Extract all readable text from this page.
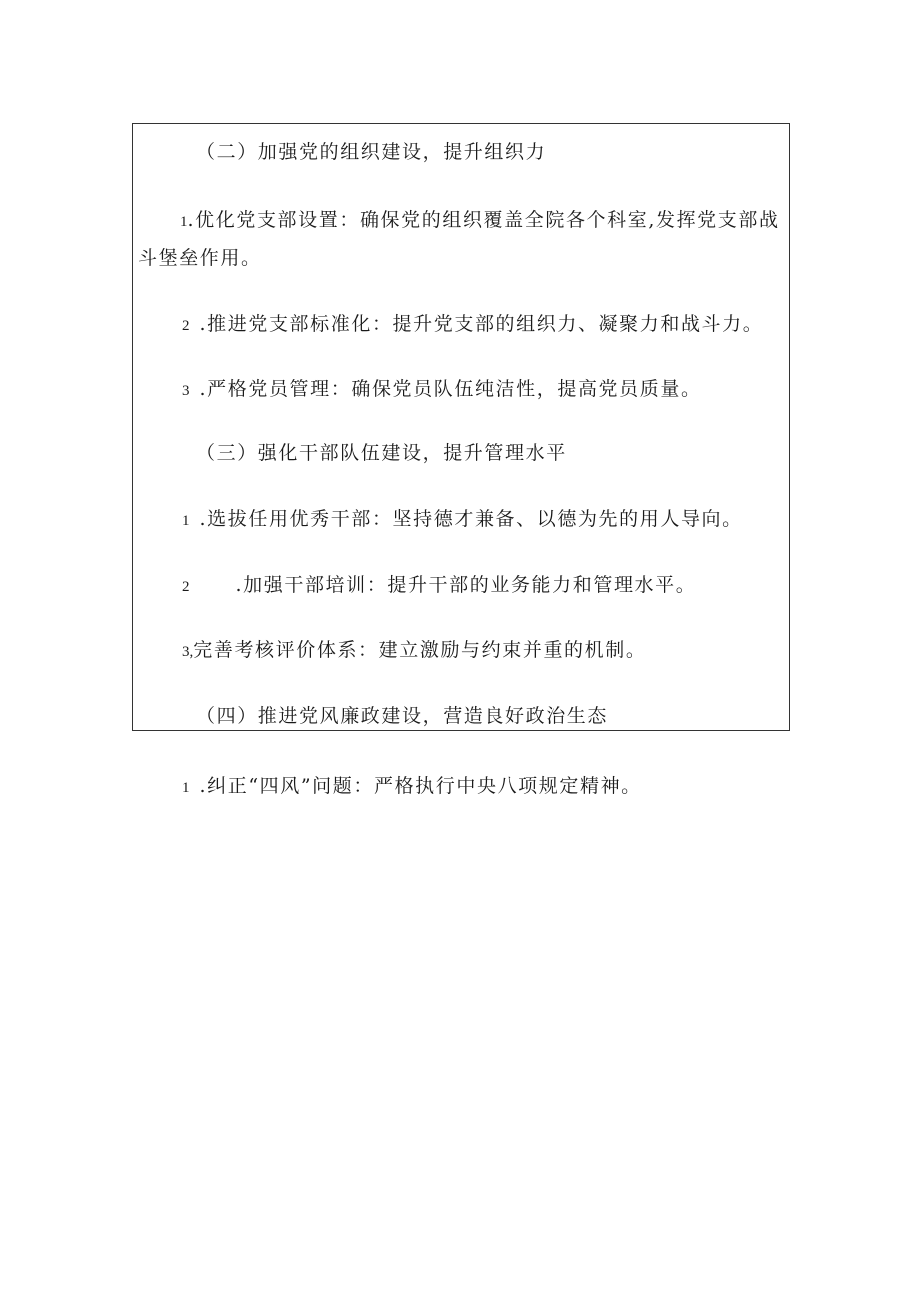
（二）加强党的组织建设，提升组织力
1.优化党支部设置：确保党的组织覆盖全院各个科室,发挥党支部战斗堡垒作用。
2 .推进党支部标准化：提升党支部的组织力、凝聚力和战斗力。
3 .严格党员管理：确保党员队伍纯洁性，提高党员质量。
（三）强化干部队伍建设，提升管理水平
1 .选拔任用优秀干部：坚持德才兼备、以德为先的用人导向。
2 .加强干部培训：提升干部的业务能力和管理水平。
3,完善考核评价体系：建立激励与约束并重的机制。
（四）推进党风廉政建设，营造良好政治生态
1 .纠正“四风”问题：严格执行中央八项规定精神。
